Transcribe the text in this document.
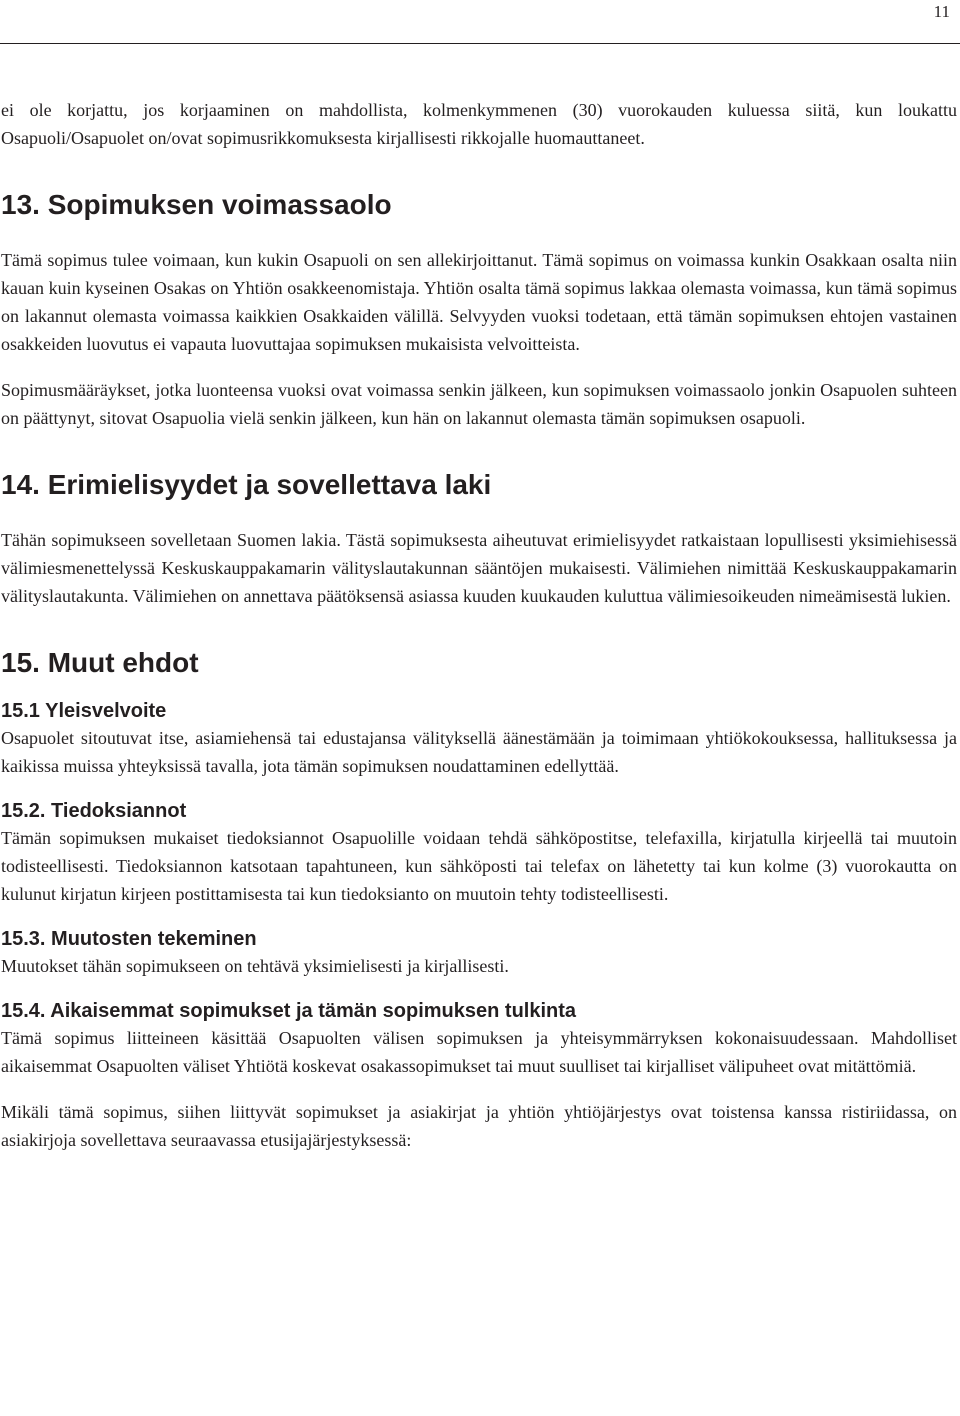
11

ei ole korjattu, jos korjaaminen on mahdollista, kolmenkymmenen (30) vuorokauden kuluessa siitä, kun loukattu Osapuoli/Osapuolet on/ovat sopimusrikkomuksesta kirjallisesti rikkojalle huomauttaneet.

13. Sopimuksen voimassaolo

Tämä sopimus tulee voimaan, kun kukin Osapuoli on sen allekirjoittanut. Tämä sopimus on voimassa kunkin Osakkaan osalta niin kauan kuin kyseinen Osakas on Yhtiön osakkeenomistaja. Yhtiön osalta tämä sopimus lakkaa olemasta voimassa, kun tämä sopimus on lakannut olemasta voimassa kaikkien Osakkaiden välillä. Selvyyden vuoksi todetaan, että tämän sopimuksen ehtojen vastainen osakkeiden luovutus ei vapauta luovuttajaa sopimuksen mukaisista velvoitteista.

Sopimusmääräykset, jotka luonteensa vuoksi ovat voimassa senkin jälkeen, kun sopimuksen voimassaolo jonkin Osapuolen suhteen on päättynyt, sitovat Osapuolia vielä senkin jälkeen, kun hän on lakannut olemasta tämän sopimuksen osapuoli.

14. Erimielisyydet ja sovellettava laki

Tähän sopimukseen sovelletaan Suomen lakia. Tästä sopimuksesta aiheutuvat erimielisyydet ratkaistaan lopullisesti yksimiehisessä välimiesmenettelyssä Keskuskauppakamarin välityslautakunnan sääntöjen mukaisesti. Välimiehen nimittää Keskuskauppakamarin välityslautakunta. Välimiehen on annettava päätöksensä asiassa kuuden kuukauden kuluttua välimiesoikeuden nimeämisestä lukien.

15. Muut ehdot
15.1 Yleisvelvoite

Osapuolet sitoutuvat itse, asiamiehensä tai edustajansa välityksellä äänestämään ja toimimaan yhtiökokouksessa, hallituksessa ja kaikissa muissa yhteyksissä tavalla, jota tämän sopimuksen noudattaminen edellyttää.

15.2. Tiedoksiannot

Tämän sopimuksen mukaiset tiedoksiannot Osapuolille voidaan tehdä sähköpostitse, telefaxilla, kirjatulla kirjeellä tai muutoin todisteellisesti. Tiedoksiannon katsotaan tapahtuneen, kun sähköposti tai telefax on lähetetty tai kun kolme (3) vuorokautta on kulunut kirjatun kirjeen postittamisesta tai kun tiedoksianto on muutoin tehty todisteellisesti.

15.3. Muutosten tekeminen

Muutokset tähän sopimukseen on tehtävä yksimielisesti ja kirjallisesti.

15.4. Aikaisemmat sopimukset ja tämän sopimuksen tulkinta

Tämä sopimus liitteineen käsittää Osapuolten välisen sopimuksen ja yhteisymmärryksen kokonaisuudessaan. Mahdolliset aikaisemmat Osapuolten väliset Yhtiötä koskevat osakassopimukset tai muut suulliset tai kirjalliset välipuheet ovat mitättömiä.

Mikäli tämä sopimus, siihen liittyvät sopimukset ja asiakirjat ja yhtiön yhtiöjärjestys ovat toistensa kanssa ristiriidassa, on asiakirjoja sovellettava seuraavassa etusijajärjestyksessä:
